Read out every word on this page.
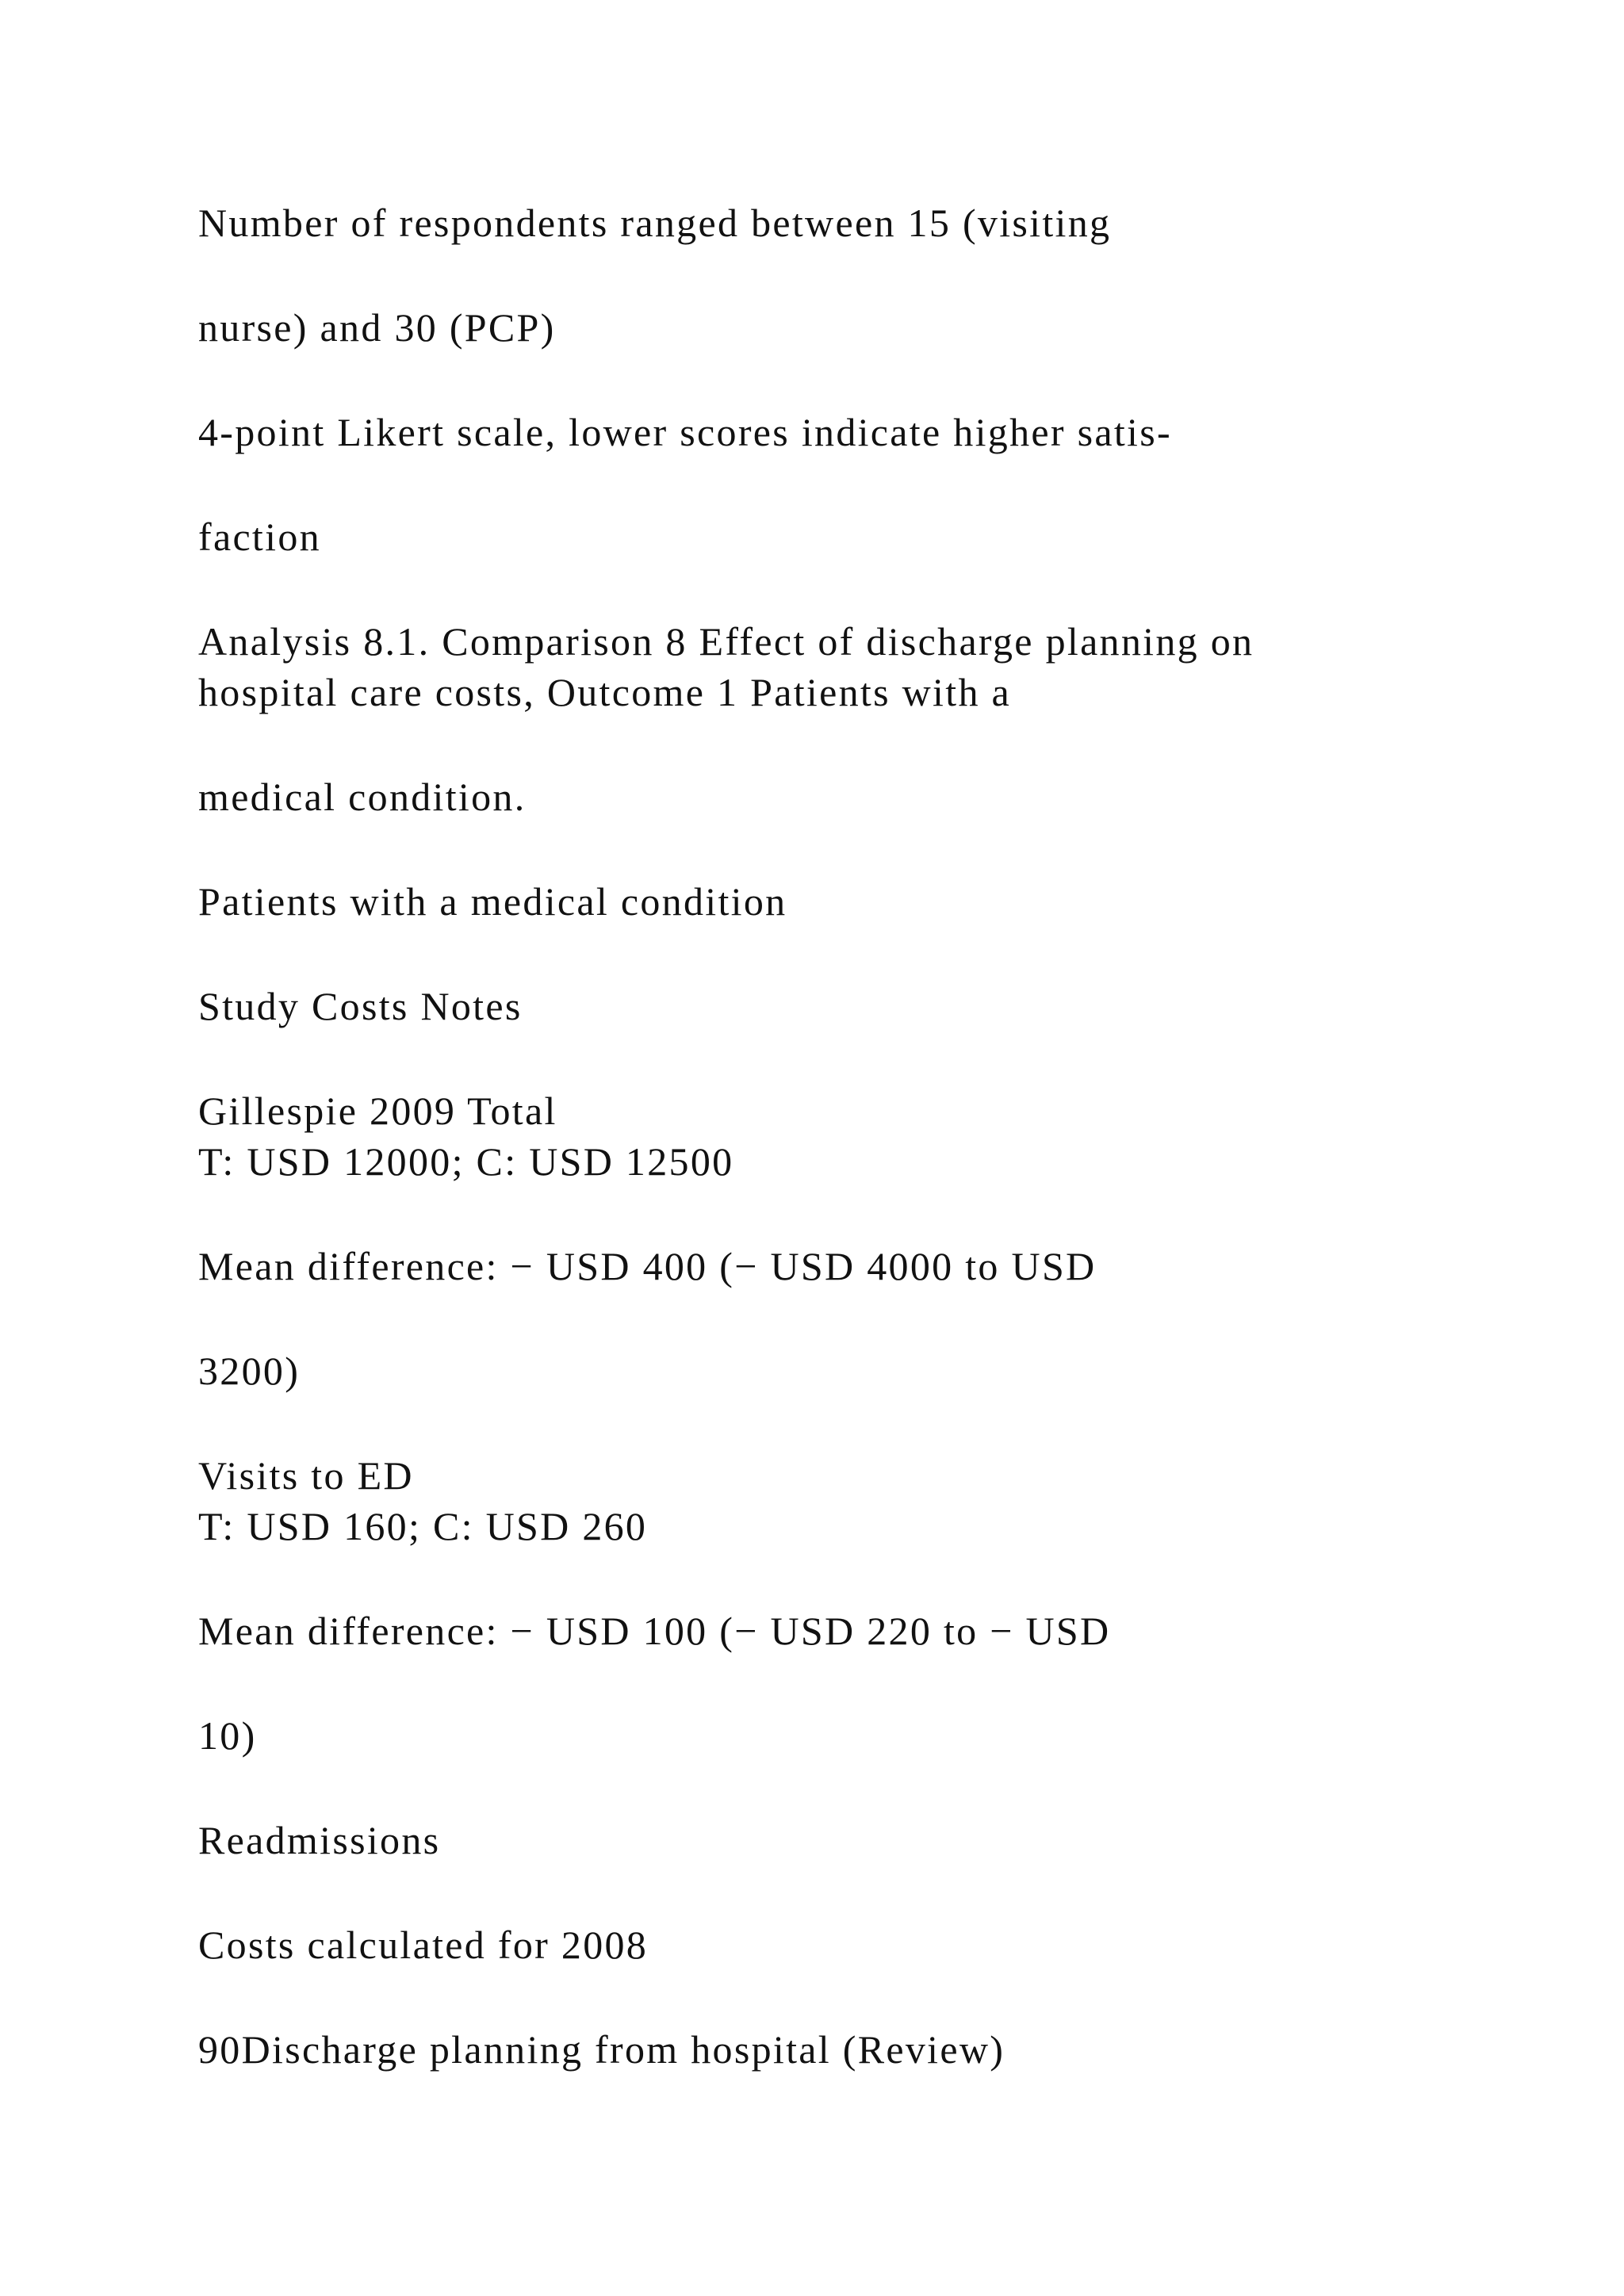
Number of respondents ranged between 15 (visiting

nurse) and 30 (PCP)

4-point Likert scale, lower scores indicate higher satis-

faction

Analysis 8.1. Comparison 8 Effect of discharge planning on

hospital care costs, Outcome 1 Patients with a

medical condition.

Patients with a medical condition

Study Costs Notes

Gillespie 2009 Total

T: USD 12000; C: USD 12500

Mean difference: − USD 400 (− USD 4000 to USD

3200)

Visits to ED

T: USD 160; C: USD 260

Mean difference: − USD 100 (− USD 220 to − USD

10)

Readmissions

Costs calculated for 2008

90Discharge planning from hospital (Review)
